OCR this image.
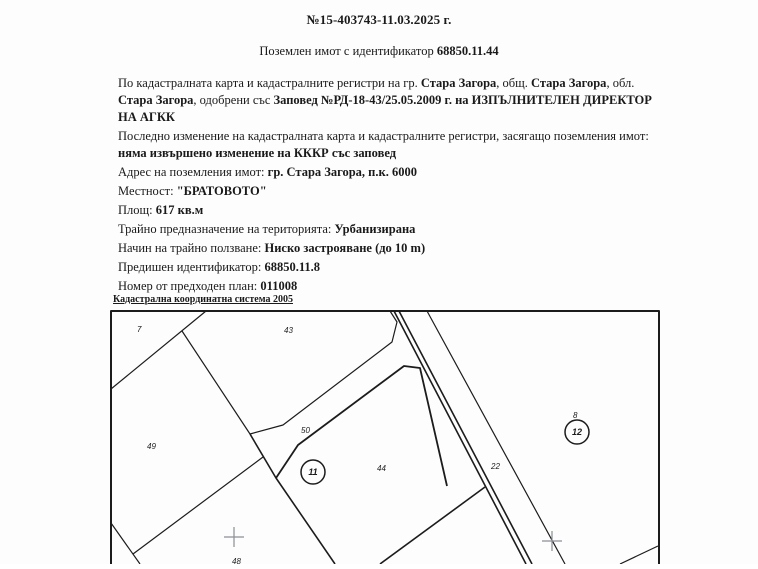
№15-403743-11.03.2025 г.
Поземлен имот с идентификатор 68850.11.44

По кадастралната карта и кадастралните регистри на гр. Стара Загора, общ. Стара Загора, обл. Стара Загора, одобрени със Заповед №РД-18-43/25.05.2009 г. на ИЗПЪЛНИТЕЛЕН ДИРЕКТОР НА АГКК

Последно изменение на кадастралната карта и кадастралните регистри, засягащо поземления имот: няма извършено изменение на КККР със заповед

Адрес на поземления имот: гр. Стара Загора, п.к. 6000

Местност: "БРАТОВОТО"

Площ: 617 кв.м

Трайно предназначение на територията: Урбанизирана

Начин на трайно ползване: Ниско застрояване (до 10 m)

Предишен идентификатор: 68850.11.8

Номер от предходен план: 011008

Кадастрална координатна система 2005
7	43
49
50
44	22
48
8
11
12
